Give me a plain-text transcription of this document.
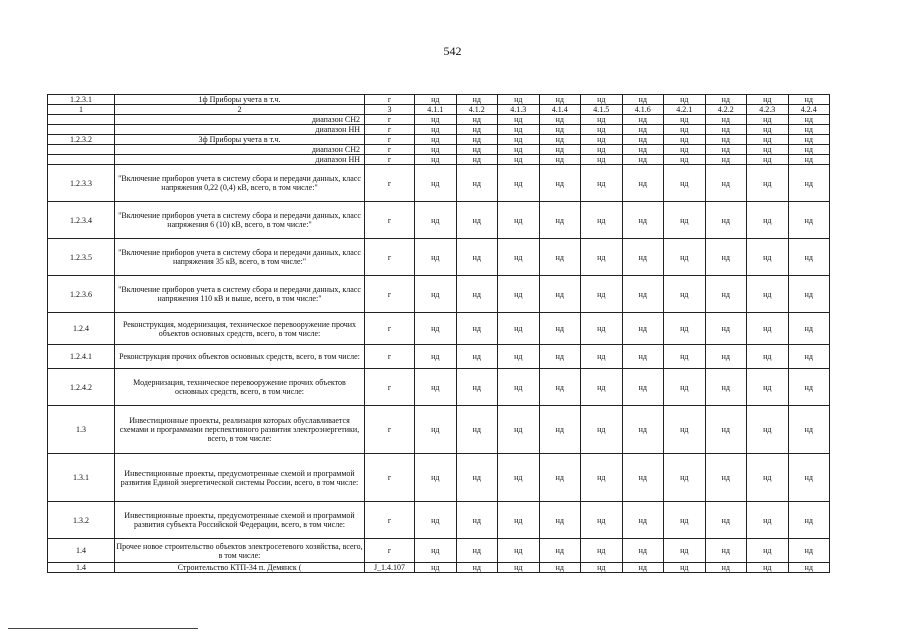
542
1.2.3.1	1ф Приборы учета в т.ч.	г	нд	нд	нд	нд	нд	нд	нд	нд	нд	нд
1	2	3	4.1.1	4.1.2	4.1.3	4.1.4	4.1.5	4.1.6	4.2.1	4.2.2	4.2.3	4.2.4
	диапазон СН2	г	нд	нд	нд	нд	нд	нд	нд	нд	нд	нд
	диапазон НН	г	нд	нд	нд	нд	нд	нд	нд	нд	нд	нд
1.2.3.2	3ф Приборы учета в т.ч.	г	нд	нд	нд	нд	нд	нд	нд	нд	нд	нд
	диапазон СН2	г	нд	нд	нд	нд	нд	нд	нд	нд	нд	нд
	диапазон НН	г	нд	нд	нд	нд	нд	нд	нд	нд	нд	нд
1.2.3.3	"Включение приборов учета в систему сбора и передачи данных, класс напряжения 0,22 (0,4) кВ, всего, в том числе:"	г	нд	нд	нд	нд	нд	нд	нд	нд	нд	нд
1.2.3.4	"Включение приборов учета в систему сбора и передачи данных, класс напряжения 6 (10) кВ, всего, в том числе:"	г	нд	нд	нд	нд	нд	нд	нд	нд	нд	нд
1.2.3.5	"Включение приборов учета в систему сбора и передачи данных, класс напряжения 35 кВ, всего, в том числе:"	г	нд	нд	нд	нд	нд	нд	нд	нд	нд	нд
1.2.3.6	"Включение приборов учета в систему сбора и передачи данных, класс напряжения 110 кВ и выше, всего, в том числе:"	г	нд	нд	нд	нд	нд	нд	нд	нд	нд	нд
1.2.4	Реконструкция, модернизация, техническое перевооружение прочих объектов основных средств, всего, в том числе:	г	нд	нд	нд	нд	нд	нд	нд	нд	нд	нд
1.2.4.1	Реконструкция прочих объектов основных средств, всего, в том числе:	г	нд	нд	нд	нд	нд	нд	нд	нд	нд	нд
1.2.4.2	Модернизация, техническое перевооружение прочих объектов основных средств, всего, в том числе:	г	нд	нд	нд	нд	нд	нд	нд	нд	нд	нд
1.3	Инвестиционные проекты, реализация которых обуславливается схемами и программами перспективного развития электроэнергетики, всего, в том числе:	г	нд	нд	нд	нд	нд	нд	нд	нд	нд	нд
1.3.1	Инвестиционные проекты, предусмотренные схемой и программой развития Единой энергетической системы России, всего, в том числе:	г	нд	нд	нд	нд	нд	нд	нд	нд	нд	нд
1.3.2	Инвестиционные проекты, предусмотренные схемой и программой развития субъекта Российской Федерации, всего, в том числе:	г	нд	нд	нд	нд	нд	нд	нд	нд	нд	нд
1.4	Прочее новое строительство объектов электросетевого хозяйства, всего, в том числе:	г	нд	нд	нд	нд	нд	нд	нд	нд	нд	нд
1.4	Строительство КТП-34 п. Демянск (	J_1.4.107	нд	нд	нд	нд	нд	нд	нд	нд	нд	нд
